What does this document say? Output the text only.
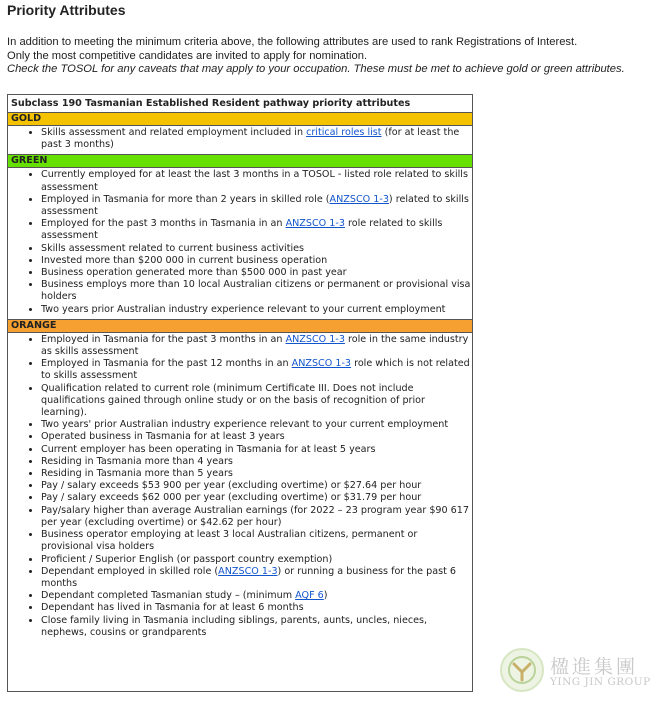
Priority Attributes
In addition to meeting the minimum criteria above, the following attributes are used to rank Registrations of Interest.
Only the most competitive candidates are invited to apply for nomination.
Check the TOSOL for any caveats that may apply to your occupation. These must be met to achieve gold or green attributes.
Subclass 190 Tasmanian Established Resident pathway priority attributes
GOLD
• Skills assessment and related employment included in critical roles list (for at least the past 3 months)
GREEN
• Currently employed for at least the last 3 months in a TOSOL - listed role related to skills assessment
• Employed in Tasmania for more than 2 years in skilled role (ANZSCO 1-3) related to skills assessment
• Employed for the past 3 months in Tasmania in an ANZSCO 1-3 role related to skills assessment
• Skills assessment related to current business activities
• Invested more than $200 000 in current business operation
• Business operation generated more than $500 000 in past year
• Business employs more than 10 local Australian citizens or permanent or provisional visa holders
• Two years prior Australian industry experience relevant to your current employment
ORANGE
• Employed in Tasmania for the past 3 months in an ANZSCO 1-3 role in the same industry as skills assessment
• Employed in Tasmania for the past 12 months in an ANZSCO 1-3 role which is not related to skills assessment
• Qualification related to current role (minimum Certificate III. Does not include qualifications gained through online study or on the basis of recognition of prior learning).
• Two years' prior Australian industry experience relevant to your current employment
• Operated business in Tasmania for at least 3 years
• Current employer has been operating in Tasmania for at least 5 years
• Residing in Tasmania more than 4 years
• Residing in Tasmania more than 5 years
• Pay / salary exceeds $53 900 per year (excluding overtime) or $27.64 per hour
• Pay / salary exceeds $62 000 per year (excluding overtime) or $31.79 per hour
• Pay/salary higher than average Australian earnings (for 2022 – 23 program year $90 617 per year (excluding overtime) or $42.62 per hour)
• Business operator employing at least 3 local Australian citizens, permanent or provisional visa holders
• Proficient / Superior English (or passport country exemption)
• Dependant employed in skilled role (ANZSCO 1-3) or running a business for the past 6 months
• Dependant completed Tasmanian study – (minimum AQF 6)
• Dependant has lived in Tasmania for at least 6 months
• Close family living in Tasmania including siblings, parents, aunts, uncles, nieces, nephews, cousins or grandparents
楹進集團
YING JIN GROUP
